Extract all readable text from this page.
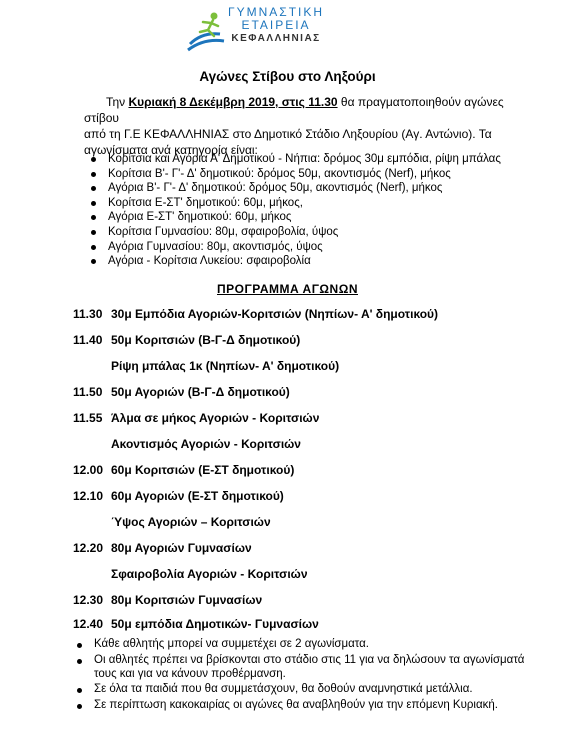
ΓΥΜΝΑΣΤΙΚΗ
ΕΤΑΙΡΕΙΑ
ΚΕΦΑΛΛΗΝΙΑΣ
Αγώνες Στίβου στο Ληξούρι
Την Κυριακή 8 Δεκέμβρη 2019, στις 11.30 θα πραγματοποιηθούν αγώνες στίβου
από τη Γ.Ε ΚΕΦΑΛΛΗΝΙΑΣ στο Δημοτικό Στάδιο Ληξουρίου (Αγ. Αντώνιο). Τα
αγωνίσματα ανά κατηγορία είναι:
Κορίτσια και Αγόρια Α' Δημοτικού - Νήπια: δρόμος 30μ εμπόδια, ρίψη μπάλας
Κορίτσια Β'- Γ'- Δ' δημοτικού: δρόμος 50μ, ακοντισμός (Nerf), μήκος
Αγόρια Β'- Γ'- Δ' δημοτικού: δρόμος 50μ, ακοντισμός (Nerf), μήκος
Κορίτσια Ε-ΣΤ' δημοτικού: 60μ, μήκος,
Αγόρια Ε-ΣΤ' δημοτικού: 60μ, μήκος
Κορίτσια Γυμνασίου: 80μ, σφαιροβολία, ύψος
Αγόρια Γυμνασίου: 80μ, ακοντισμός, ύψος
Αγόρια - Κορίτσια Λυκείου: σφαιροβολία
ΠΡΟΓΡΑΜΜΑ ΑΓΩΝΩΝ
11.30 30μ Εμπόδια Αγοριών-Κοριτσιών (Νηπίων- Α' δημοτικού)
11.40 50μ Κοριτσιών (Β-Γ-Δ δημοτικού)
Ρίψη μπάλας 1κ (Νηπίων- Α' δημοτικού)
11.50 50μ Αγοριών (Β-Γ-Δ δημοτικού)
11.55 Άλμα σε μήκος Αγοριών - Κοριτσιών
Ακοντισμός Αγοριών - Κοριτσιών
12.00 60μ Κοριτσιών (Ε-ΣΤ δημοτικού)
12.10 60μ Αγοριών (Ε-ΣΤ δημοτικού)
Ύψος Αγοριών – Κοριτσιών
12.20 80μ Αγοριών Γυμνασίων
Σφαιροβολία Αγοριών - Κοριτσιών
12.30 80μ Κοριτσιών Γυμνασίων
12.40 50μ εμπόδια Δημοτικών- Γυμνασίων
Κάθε αθλητής μπορεί να συμμετέχει σε 2 αγωνίσματα.
Οι αθλητές πρέπει να βρίσκονται στο στάδιο στις 11 για να δηλώσουν τα αγωνίσματά τους και για να κάνουν προθέρμανση.
Σε όλα τα παιδιά που θα συμμετάσχουν, θα δοθούν αναμνηστικά μετάλλια.
Σε περίπτωση κακοκαιρίας οι αγώνες θα αναβληθούν για την επόμενη Κυριακή.
